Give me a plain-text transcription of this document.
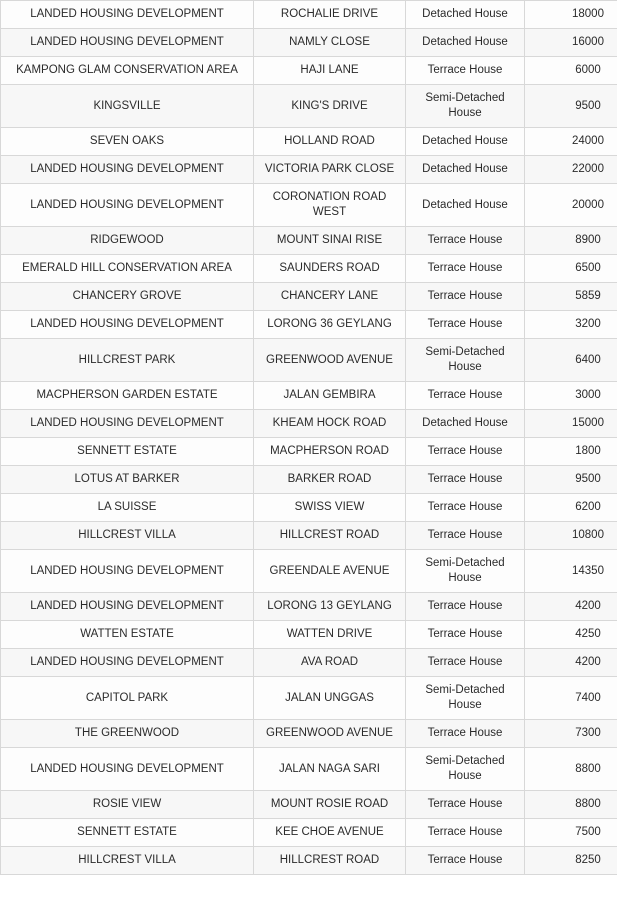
LANDED HOUSING DEVELOPMENT	ROCHALIE DRIVE	Detached House	18000
LANDED HOUSING DEVELOPMENT	NAMLY CLOSE	Detached House	16000
KAMPONG GLAM CONSERVATION AREA	HAJI LANE	Terrace House	6000
KINGSVILLE	KING'S DRIVE	Semi-Detached House	9500
SEVEN OAKS	HOLLAND ROAD	Detached House	24000
LANDED HOUSING DEVELOPMENT	VICTORIA PARK CLOSE	Detached House	22000
LANDED HOUSING DEVELOPMENT	CORONATION ROAD WEST	Detached House	20000
RIDGEWOOD	MOUNT SINAI RISE	Terrace House	8900
EMERALD HILL CONSERVATION AREA	SAUNDERS ROAD	Terrace House	6500
CHANCERY GROVE	CHANCERY LANE	Terrace House	5859
LANDED HOUSING DEVELOPMENT	LORONG 36 GEYLANG	Terrace House	3200
HILLCREST PARK	GREENWOOD AVENUE	Semi-Detached House	6400
MACPHERSON GARDEN ESTATE	JALAN GEMBIRA	Terrace House	3000
LANDED HOUSING DEVELOPMENT	KHEAM HOCK ROAD	Detached House	15000
SENNETT ESTATE	MACPHERSON ROAD	Terrace House	1800
LOTUS AT BARKER	BARKER ROAD	Terrace House	9500
LA SUISSE	SWISS VIEW	Terrace House	6200
HILLCREST VILLA	HILLCREST ROAD	Terrace House	10800
LANDED HOUSING DEVELOPMENT	GREENDALE AVENUE	Semi-Detached House	14350
LANDED HOUSING DEVELOPMENT	LORONG 13 GEYLANG	Terrace House	4200
WATTEN ESTATE	WATTEN DRIVE	Terrace House	4250
LANDED HOUSING DEVELOPMENT	AVA ROAD	Terrace House	4200
CAPITOL PARK	JALAN UNGGAS	Semi-Detached House	7400
THE GREENWOOD	GREENWOOD AVENUE	Terrace House	7300
LANDED HOUSING DEVELOPMENT	JALAN NAGA SARI	Semi-Detached House	8800
ROSIE VIEW	MOUNT ROSIE ROAD	Terrace House	8800
SENNETT ESTATE	KEE CHOE AVENUE	Terrace House	7500
HILLCREST VILLA	HILLCREST ROAD	Terrace House	8250
